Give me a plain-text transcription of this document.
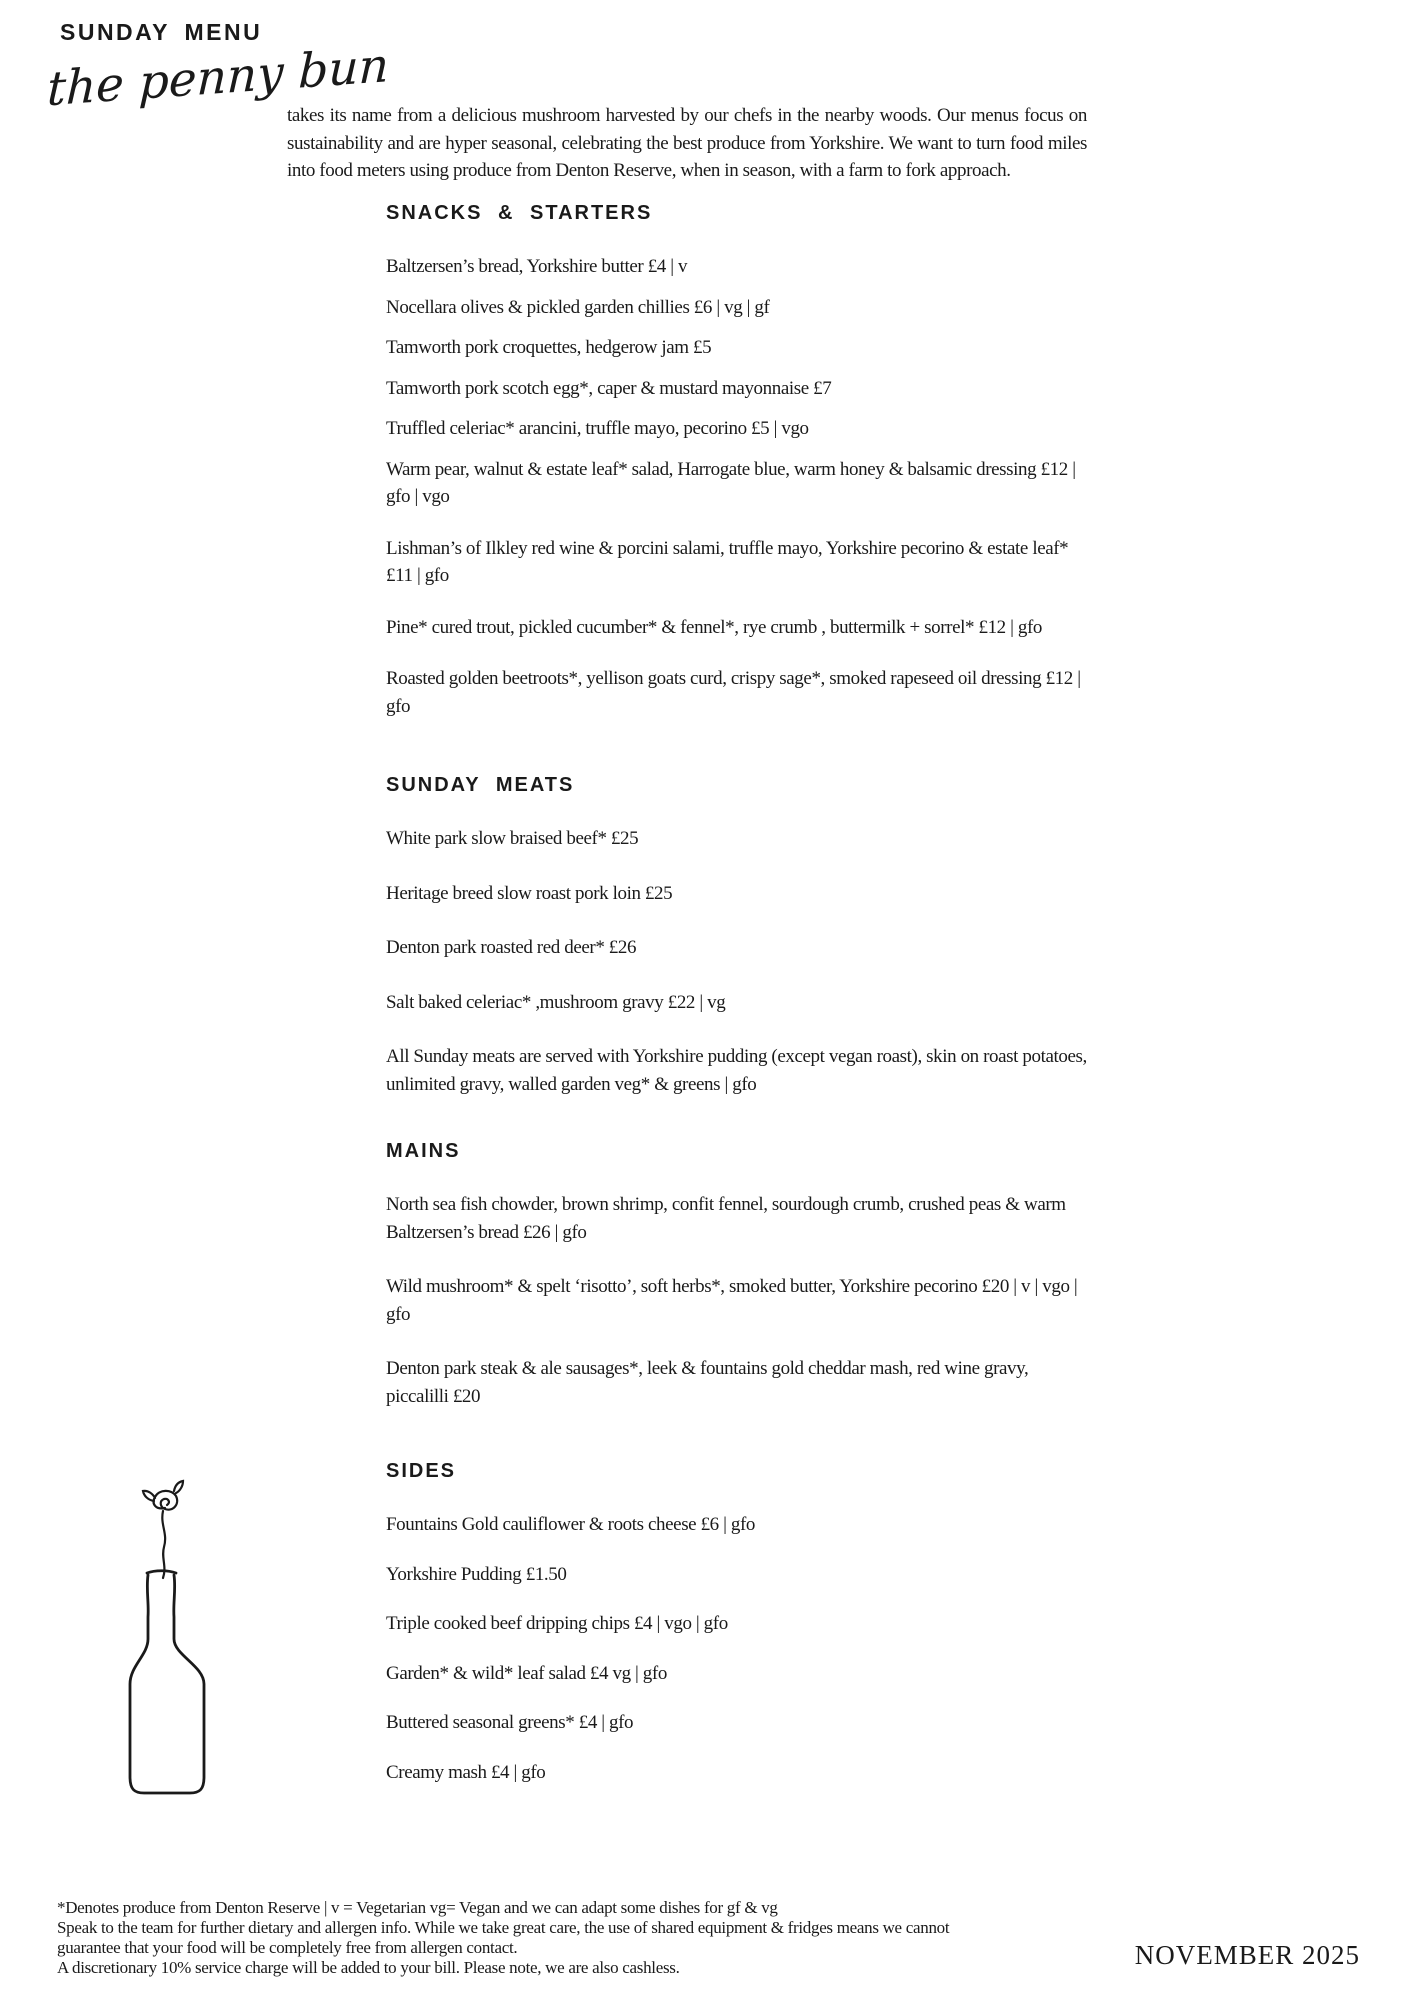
SUNDAY MENU
the penny bun
takes its name from a delicious mushroom harvested by our chefs in the nearby woods. Our menus focus on sustainability and are hyper seasonal, celebrating the best produce from Yorkshire. We want to turn food miles into food meters using produce from Denton Reserve, when in season, with a farm to fork approach.
SNACKS & STARTERS
Baltzersen’s bread, Yorkshire butter £4 | v
Nocellara olives & pickled garden chillies £6 | vg | gf
Tamworth pork croquettes, hedgerow jam £5
Tamworth pork scotch egg*, caper & mustard mayonnaise £7
Truffled celeriac* arancini, truffle mayo, pecorino £5 | vgo
Warm pear, walnut & estate leaf* salad, Harrogate blue, warm honey & balsamic dressing £12 | gfo | vgo
Lishman’s of Ilkley red wine & porcini salami, truffle mayo, Yorkshire pecorino & estate leaf* £11 | gfo
Pine* cured trout, pickled cucumber* & fennel*, rye crumb , buttermilk + sorrel* £12 | gfo
Roasted golden beetroots*, yellison goats curd, crispy sage*, smoked rapeseed oil dressing £12 | gfo
SUNDAY MEATS
White park slow braised beef* £25
Heritage breed slow roast pork loin £25
Denton park roasted red deer* £26
Salt baked celeriac* ,mushroom gravy £22 | vg
All Sunday meats are served with Yorkshire pudding (except vegan roast), skin on roast potatoes, unlimited gravy, walled garden veg* & greens | gfo
MAINS
North sea fish chowder, brown shrimp, confit fennel, sourdough crumb, crushed peas & warm Baltzersen’s bread £26 | gfo
Wild mushroom* & spelt ‘risotto’, soft herbs*, smoked butter, Yorkshire pecorino £20 | v | vgo | gfo
Denton park steak & ale sausages*, leek & fountains gold cheddar mash, red wine gravy, piccalilli £20
SIDES
Fountains Gold cauliflower & roots cheese £6 | gfo
Yorkshire Pudding £1.50
Triple cooked beef dripping chips £4 | vgo | gfo
Garden* & wild* leaf salad £4 vg | gfo
Buttered seasonal greens* £4 | gfo
Creamy mash £4 | gfo
*Denotes produce from Denton Reserve | v = Vegetarian vg= Vegan and we can adapt some dishes for gf & vg
Speak to the team for further dietary and allergen info. While we take great care, the use of shared equipment & fridges means we cannot
guarantee that your food will be completely free from allergen contact.
A discretionary 10% service charge will be added to your bill. Please note, we are also cashless.	NOVEMBER 2025
